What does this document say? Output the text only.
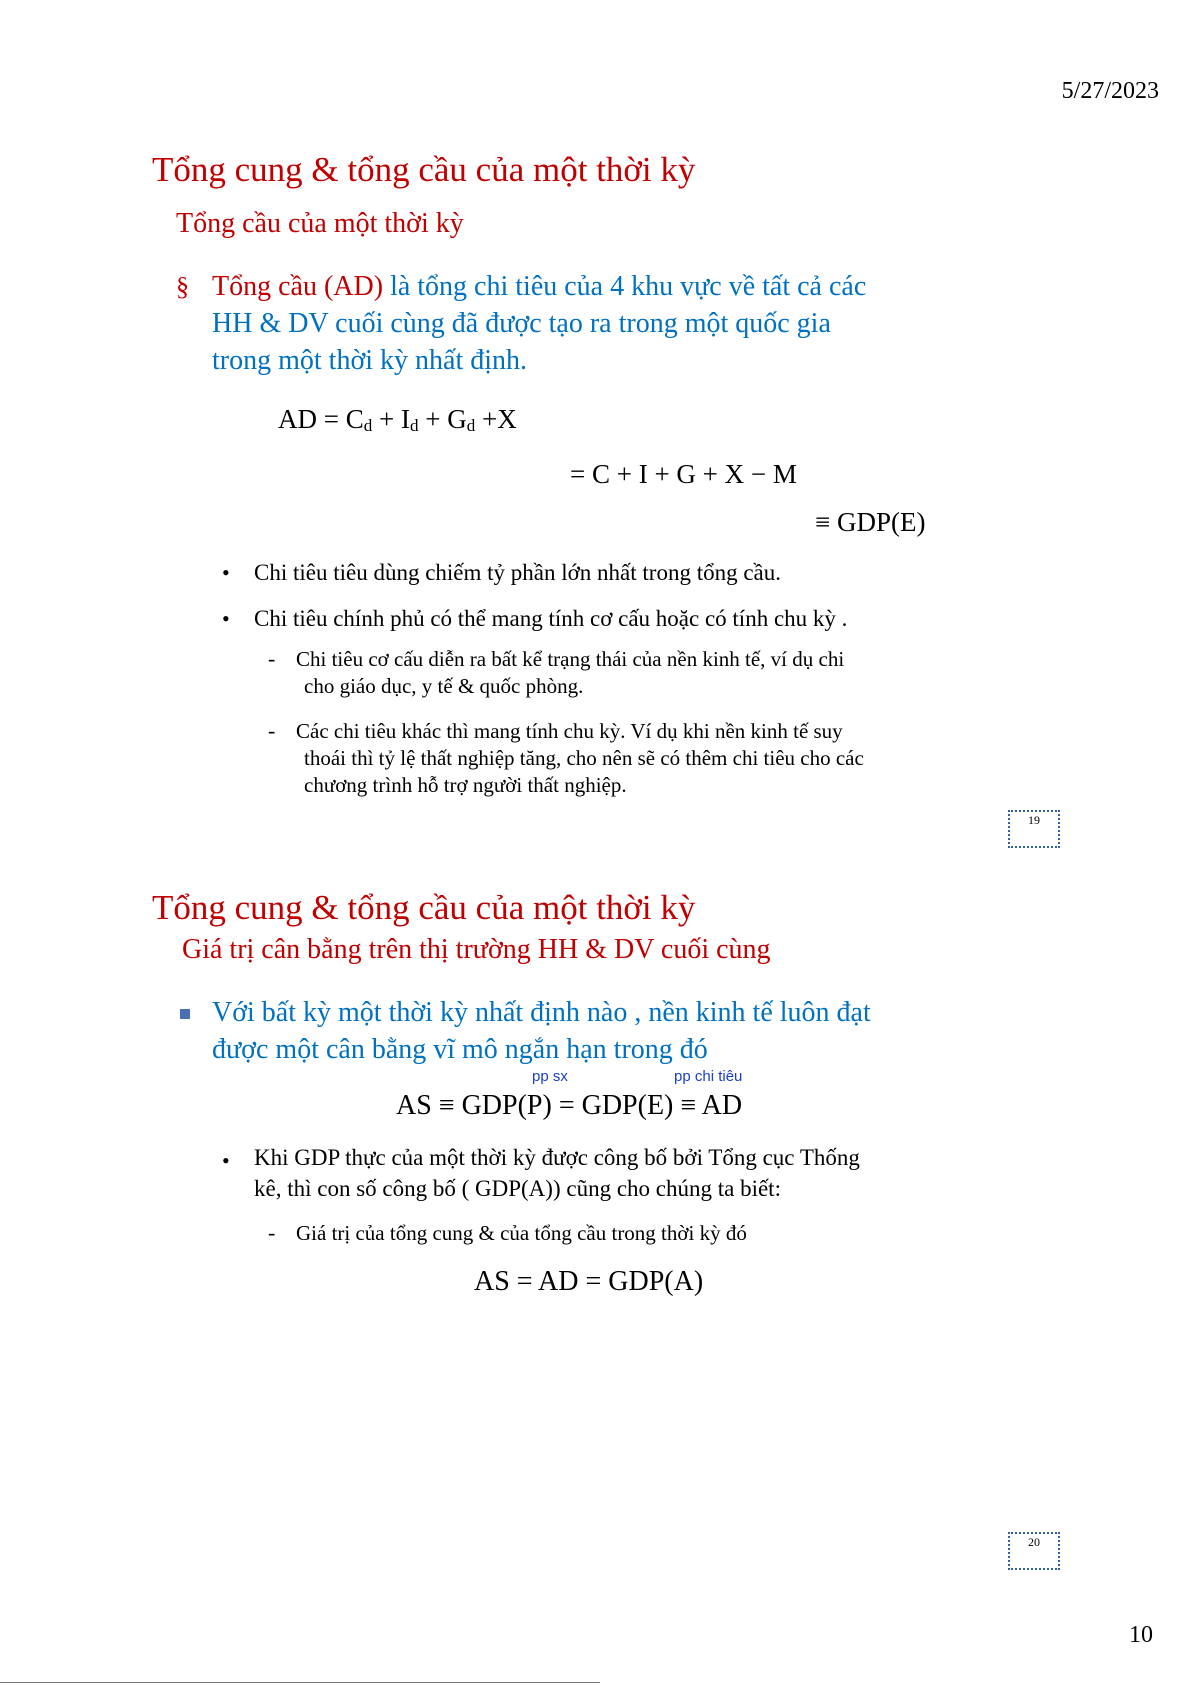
5/27/2023
Tổng cung & tổng cầu của một thời kỳ
Tổng cầu của một thời kỳ
§ Tổng cầu (AD) là tổng chi tiêu của 4 khu vực về tất cả các
HH & DV cuối cùng đã được tạo ra trong một quốc gia
trong một thời kỳ nhất định.
AD = $C_d + I_d + G_d +X$
= C + I + G + X − M
≡ GDP(E)
• Chi tiêu tiêu dùng chiếm tỷ phần lớn nhất trong tổng cầu.
• Chi tiêu chính phủ có thể mang tính cơ cấu hoặc có tính chu kỳ .
- Chi tiêu cơ cấu diễn ra bất kể trạng thái của nền kinh tế, ví dụ chi
cho giáo dục, y tế & quốc phòng.
- Các chi tiêu khác thì mang tính chu kỳ. Ví dụ khi nền kinh tế suy
thoái thì tỷ lệ thất nghiệp tăng, cho nên sẽ có thêm chi tiêu cho các
chương trình hỗ trợ người thất nghiệp.
19
Tổng cung & tổng cầu của một thời kỳ
Giá trị cân bằng trên thị trường HH & DV cuối cùng
Với bất kỳ một thời kỳ nhất định nào , nền kinh tế luôn đạt
được một cân bằng vĩ mô ngắn hạn trong đó
pp sx	pp chi tiêu
AS ≡ GDP(P) = GDP(E) ≡ AD
• Khi GDP thực của một thời kỳ được công bố bởi Tổng cục Thống
kê, thì con số công bố ( GDP(A)) cũng cho chúng ta biết:
- Giá trị của tổng cung & của tổng cầu trong thời kỳ đó
AS = AD = GDP(A)
20
10
